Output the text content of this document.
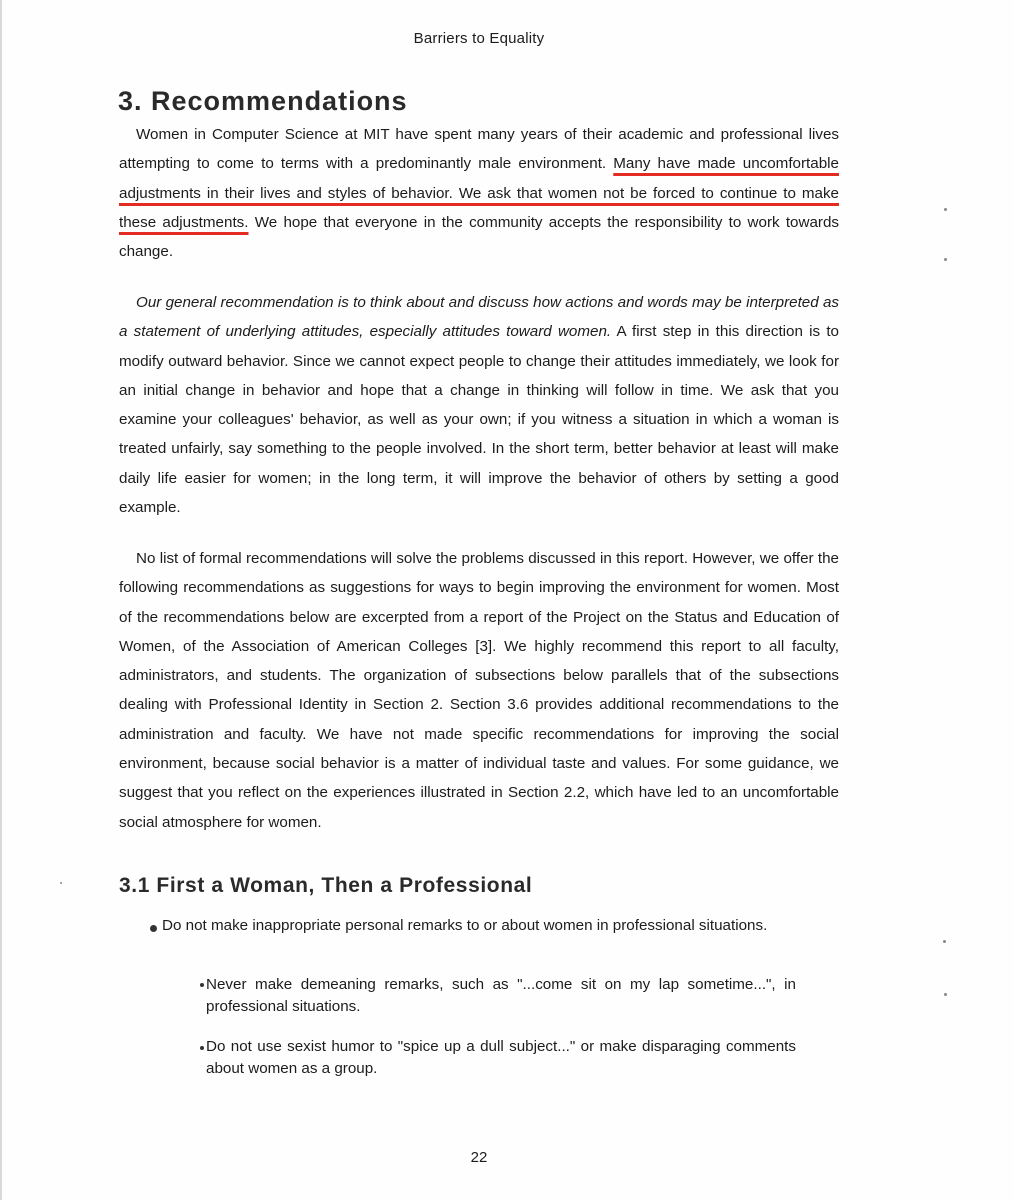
Barriers to Equality
3. Recommendations

Women in Computer Science at MIT have spent many years of their academic and professional lives attempting to come to terms with a predominantly male environment. Many have made uncomfortable adjustments in their lives and styles of behavior. We ask that women not be forced to continue to make these adjustments. We hope that everyone in the community accepts the responsibility to work towards change.

Our general recommendation is to think about and discuss how actions and words may be interpreted as a statement of underlying attitudes, especially attitudes toward women. A first step in this direction is to modify outward behavior. Since we cannot expect people to change their attitudes immediately, we look for an initial change in behavior and hope that a change in thinking will follow in time. We ask that you examine your colleagues' behavior, as well as your own; if you witness a situation in which a woman is treated unfairly, say something to the people involved. In the short term, better behavior at least will make daily life easier for women; in the long term, it will improve the behavior of others by setting a good example.

No list of formal recommendations will solve the problems discussed in this report. However, we offer the following recommendations as suggestions for ways to begin improving the environment for women. Most of the recommendations below are excerpted from a report of the Project on the Status and Education of Women, of the Association of American Colleges [3]. We highly recommend this report to all faculty, administrators, and students. The organization of subsections below parallels that of the subsections dealing with Professional Identity in Section 2. Section 3.6 provides additional recommendations to the administration and faculty. We have not made specific recommendations for improving the social environment, because social behavior is a matter of individual taste and values. For some guidance, we suggest that you reflect on the experiences illustrated in Section 2.2, which have led to an uncomfortable social atmosphere for women.

3.1 First a Woman, Then a Professional

Do not make inappropriate personal remarks to or about women in professional situations.

Never make demeaning remarks, such as "...come sit on my lap sometime...", in professional situations.

Do not use sexist humor to "spice up a dull subject..." or make disparaging comments about women as a group.

22
